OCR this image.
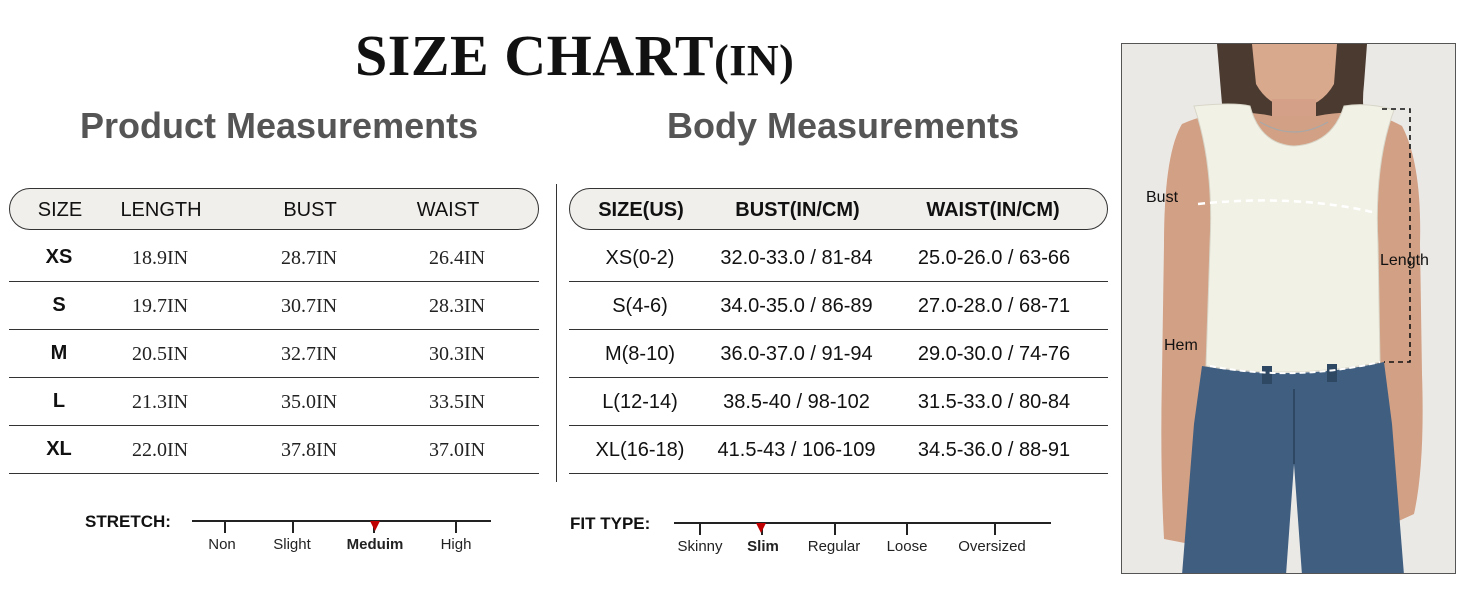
SIZE CHART(IN)
Product Measurements	Body Measurements
SIZE	LENGTH	BUST	WAIST
XS	18.9IN	28.7IN	26.4IN
S	19.7IN	30.7IN	28.3IN
M	20.5IN	32.7IN	30.3IN
L	21.3IN	35.0IN	33.5IN
XL	22.0IN	37.8IN	37.0IN
SIZE(US)	BUST(IN/CM)	WAIST(IN/CM)
XS(0-2)	32.0-33.0 / 81-84	25.0-26.0 / 63-66
S(4-6)	34.0-35.0 / 86-89	27.0-28.0 / 68-71
M(8-10)	36.0-37.0 / 91-94	29.0-30.0 / 74-76
L(12-14)	38.5-40 / 98-102	31.5-33.0 / 80-84
XL(16-18)	41.5-43 / 106-109	34.5-36.0 / 88-91
STRETCH:
Non Slight Meduim High
FIT TYPE:
Skinny Slim Regular Loose Oversized
Bust
Length
Hem
